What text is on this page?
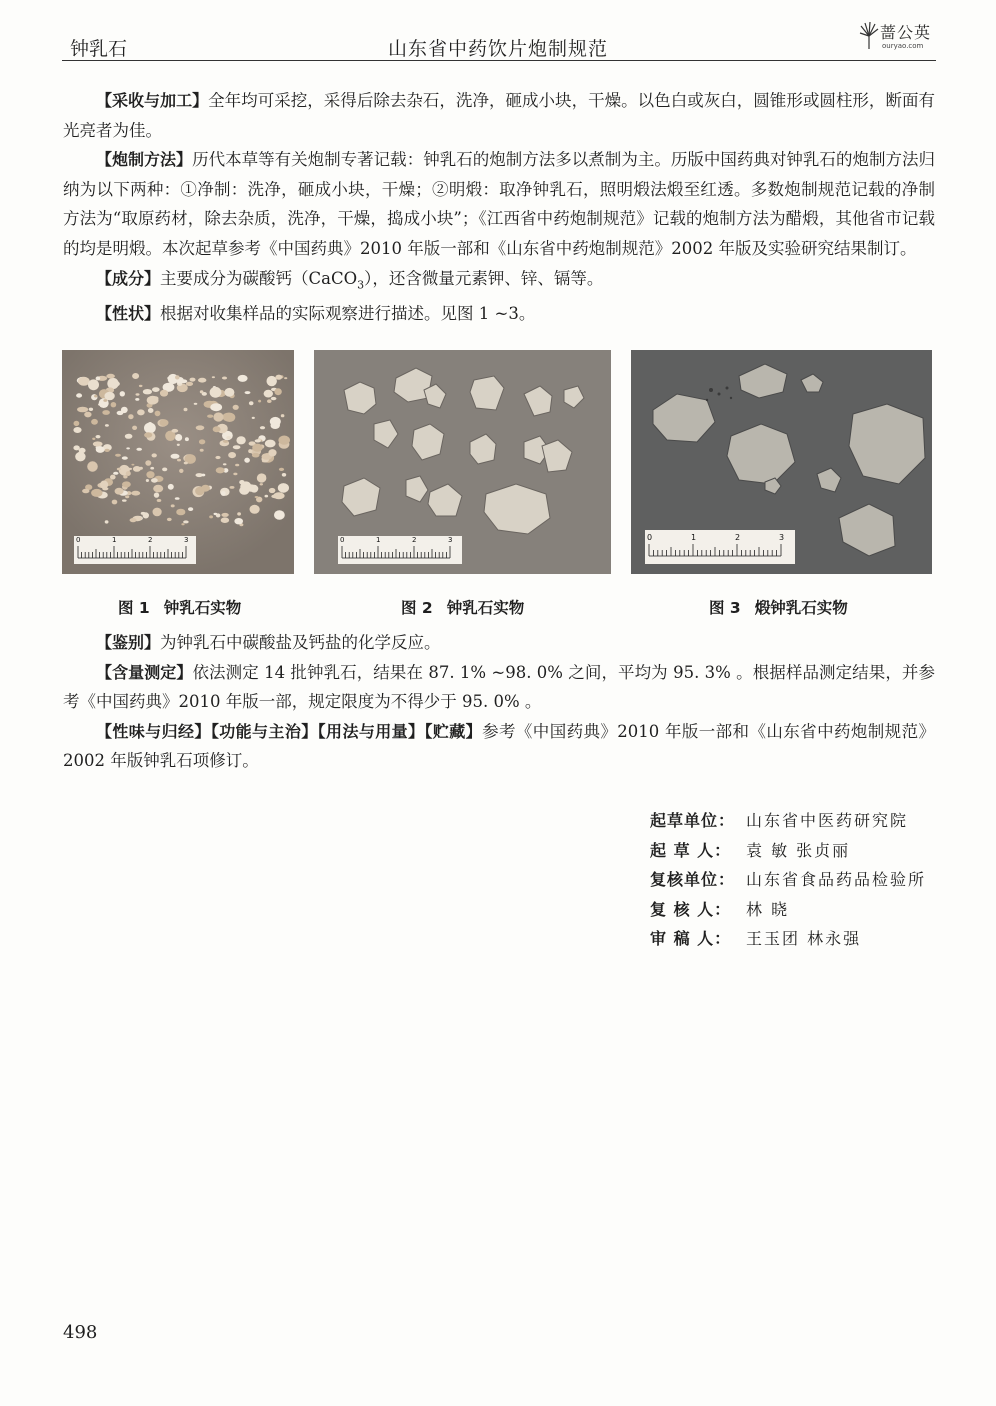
钟乳石	山东省中药饮片炮制规范
蔷公英
ouryao.com

【采收与加工】全年均可采挖，采得后除去杂石，洗净，砸成小块，干燥。以色白或灰白，圆锥形或圆柱形，断面有光亮者为佳。

【炮制方法】历代本草等有关炮制专著记载：钟乳石的炮制方法多以煮制为主。历版中国药典对钟乳石的炮制方法归纳为以下两种：①净制：洗净，砸成小块，干燥；②明煅：取净钟乳石，照明煅法煅至红透。多数炮制规范记载的净制方法为“取原药材，除去杂质，洗净，干燥，捣成小块”；《江西省中药炮制规范》记载的炮制方法为醋煅，其他省市记载的均是明煅。本次起草参考《中国药典》2010 年版一部和《山东省中药炮制规范》2002 年版及实验研究结果制订。

【成分】主要成分为碳酸钙（CaCO$_3$），还含微量元素钾、锌、镉等。

【性状】根据对收集样品的实际观察进行描述。见图 1 ~3。

0	1	2	3	0	1	2	3	0	1	2	3
图 1 钟乳石实物	图 2 钟乳石实物	图 3 煅钟乳石实物

【鉴别】为钟乳石中碳酸盐及钙盐的化学反应。

【含量测定】依法测定 14 批钟乳石，结果在 87. 1% ~98. 0% 之间，平均为 95. 3% 。根据样品测定结果，并参考《中国药典》2010 年版一部，规定限度为不得少于 95. 0% 。

【性味与归经】【功能与主治】【用法与用量】【贮藏】参考《中国药典》2010 年版一部和《山东省中药炮制规范》2002 年版钟乳石项修订。

起草单位： 山东省中医药研究院
起 草 人： 袁 敏 张贞丽
复核单位： 山东省食品药品检验所
复 核 人： 林 晓
审 稿 人： 王玉团 林永强
498
